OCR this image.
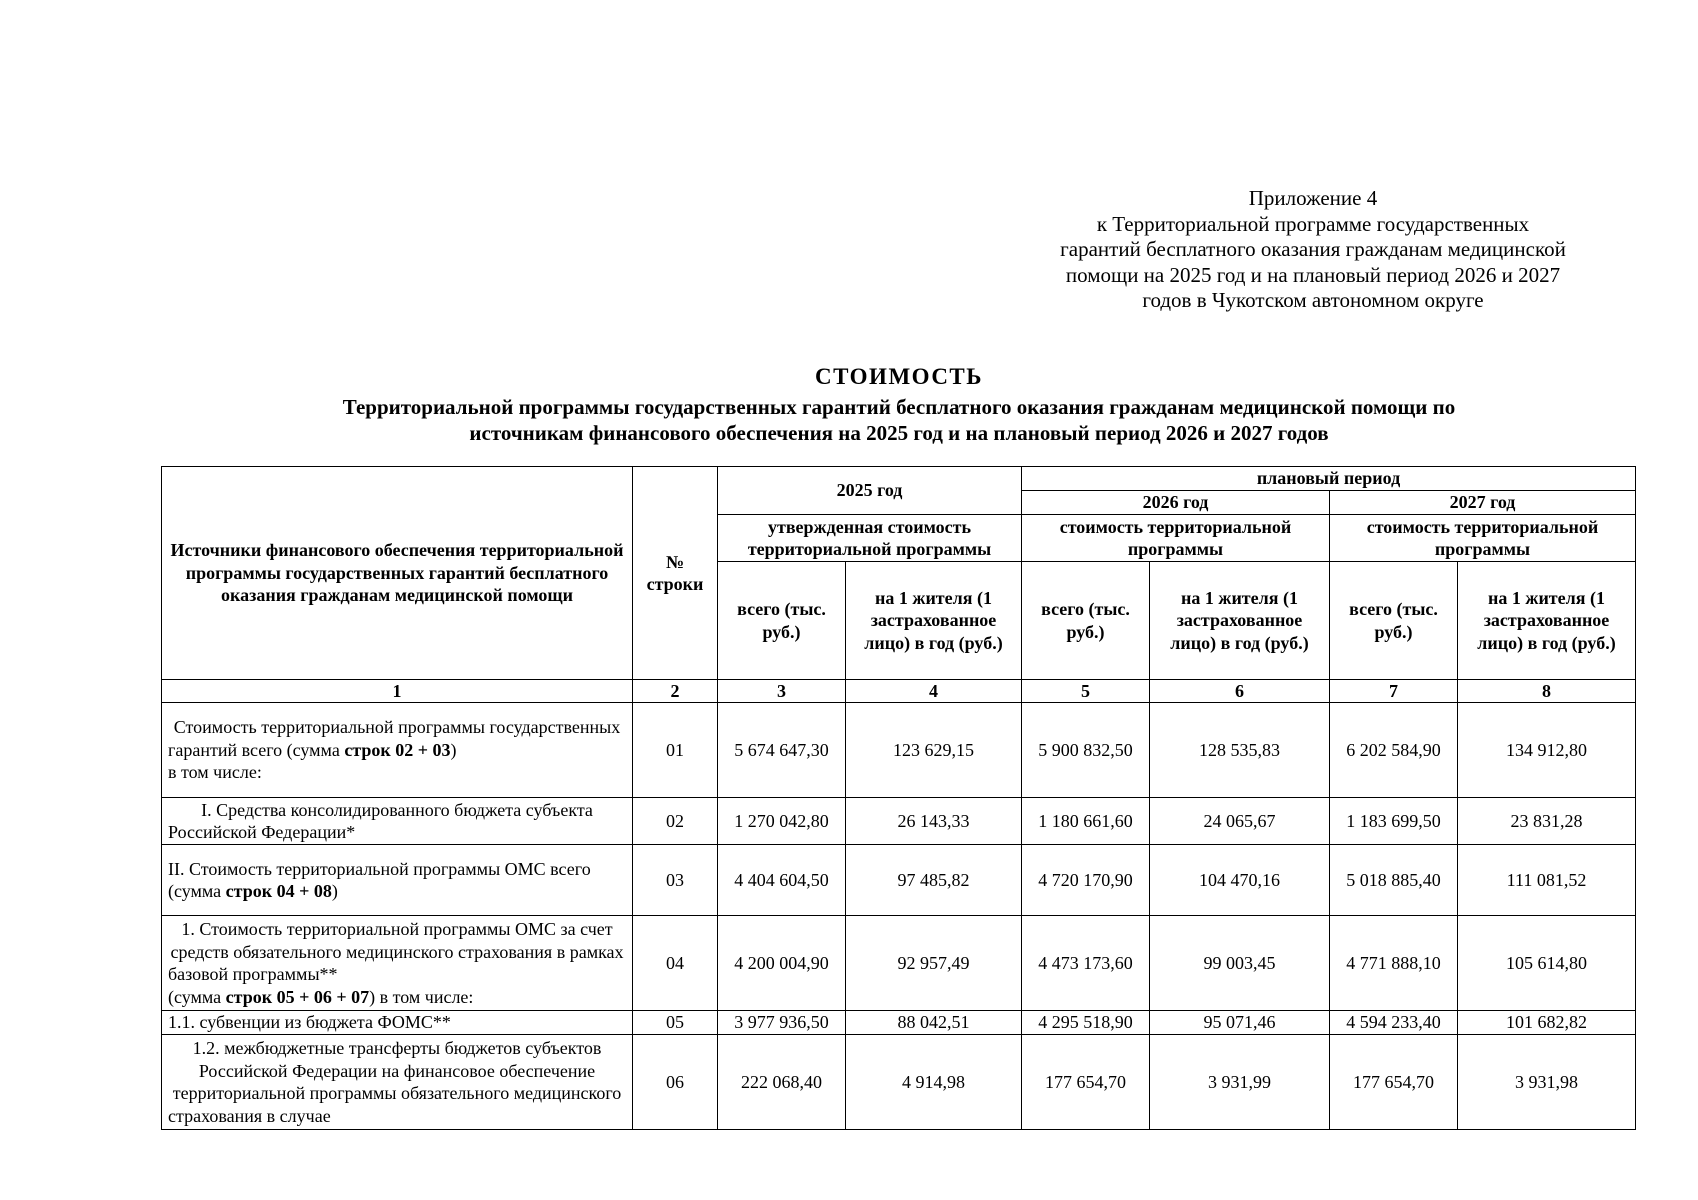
Приложение 4
к Территориальной программе государственных
гарантий бесплатного оказания гражданам медицинской
помощи на 2025 год и на плановый период 2026 и 2027
годов в Чукотском автономном округе
СТОИМОСТЬ
Территориальной программы государственных гарантий бесплатного оказания гражданам медицинской помощи по
источникам финансового обеспечения на 2025 год и на плановый период 2026 и 2027 годов
Источники финансового обеспечения территориальной программы государственных гарантий бесплатного оказания гражданам медицинской помощи	№ строки	2025 год		плановый период			
				2026 год		2027 год	
		утвержденная стоимость территориальной программы		стоимость территориальной программы		стоимость территориальной программы	
		всего (тыс. руб.)	на 1 жителя (1 застрахованное лицо) в год (руб.)	всего (тыс. руб.)	на 1 жителя (1 застрахованное лицо) в год (руб.)	всего (тыс. руб.)	на 1 жителя (1 застрахованное лицо) в год (руб.)
1	2	3	4	5	6	7	8
Стоимость территориальной программы государственных гарантий всего (сумма строк 02 + 03)
в том числе:	01	5 674 647,30	123 629,15	5 900 832,50	128 535,83	6 202 584,90	134 912,80
I. Средства консолидированного бюджета субъекта Российской Федерации*	02	1 270 042,80	26 143,33	1 180 661,60	24 065,67	1 183 699,50	23 831,28
II. Стоимость территориальной программы ОМС всего
(сумма строк 04 + 08)	03	4 404 604,50	97 485,82	4 720 170,90	104 470,16	5 018 885,40	111 081,52
1. Стоимость территориальной программы ОМС за счет средств обязательного медицинского страхования в рамках базовой программы**
(сумма строк 05 + 06 + 07) в том числе:	04	4 200 004,90	92 957,49	4 473 173,60	99 003,45	4 771 888,10	105 614,80
1.1. субвенции из бюджета ФОМС**	05	3 977 936,50	88 042,51	4 295 518,90	95 071,46	4 594 233,40	101 682,82
1.2. межбюджетные трансферты бюджетов субъектов Российской Федерации на финансовое обеспечение территориальной программы обязательного медицинского страхования в случае	06	222 068,40	4 914,98	177 654,70	3 931,99	177 654,70	3 931,98
